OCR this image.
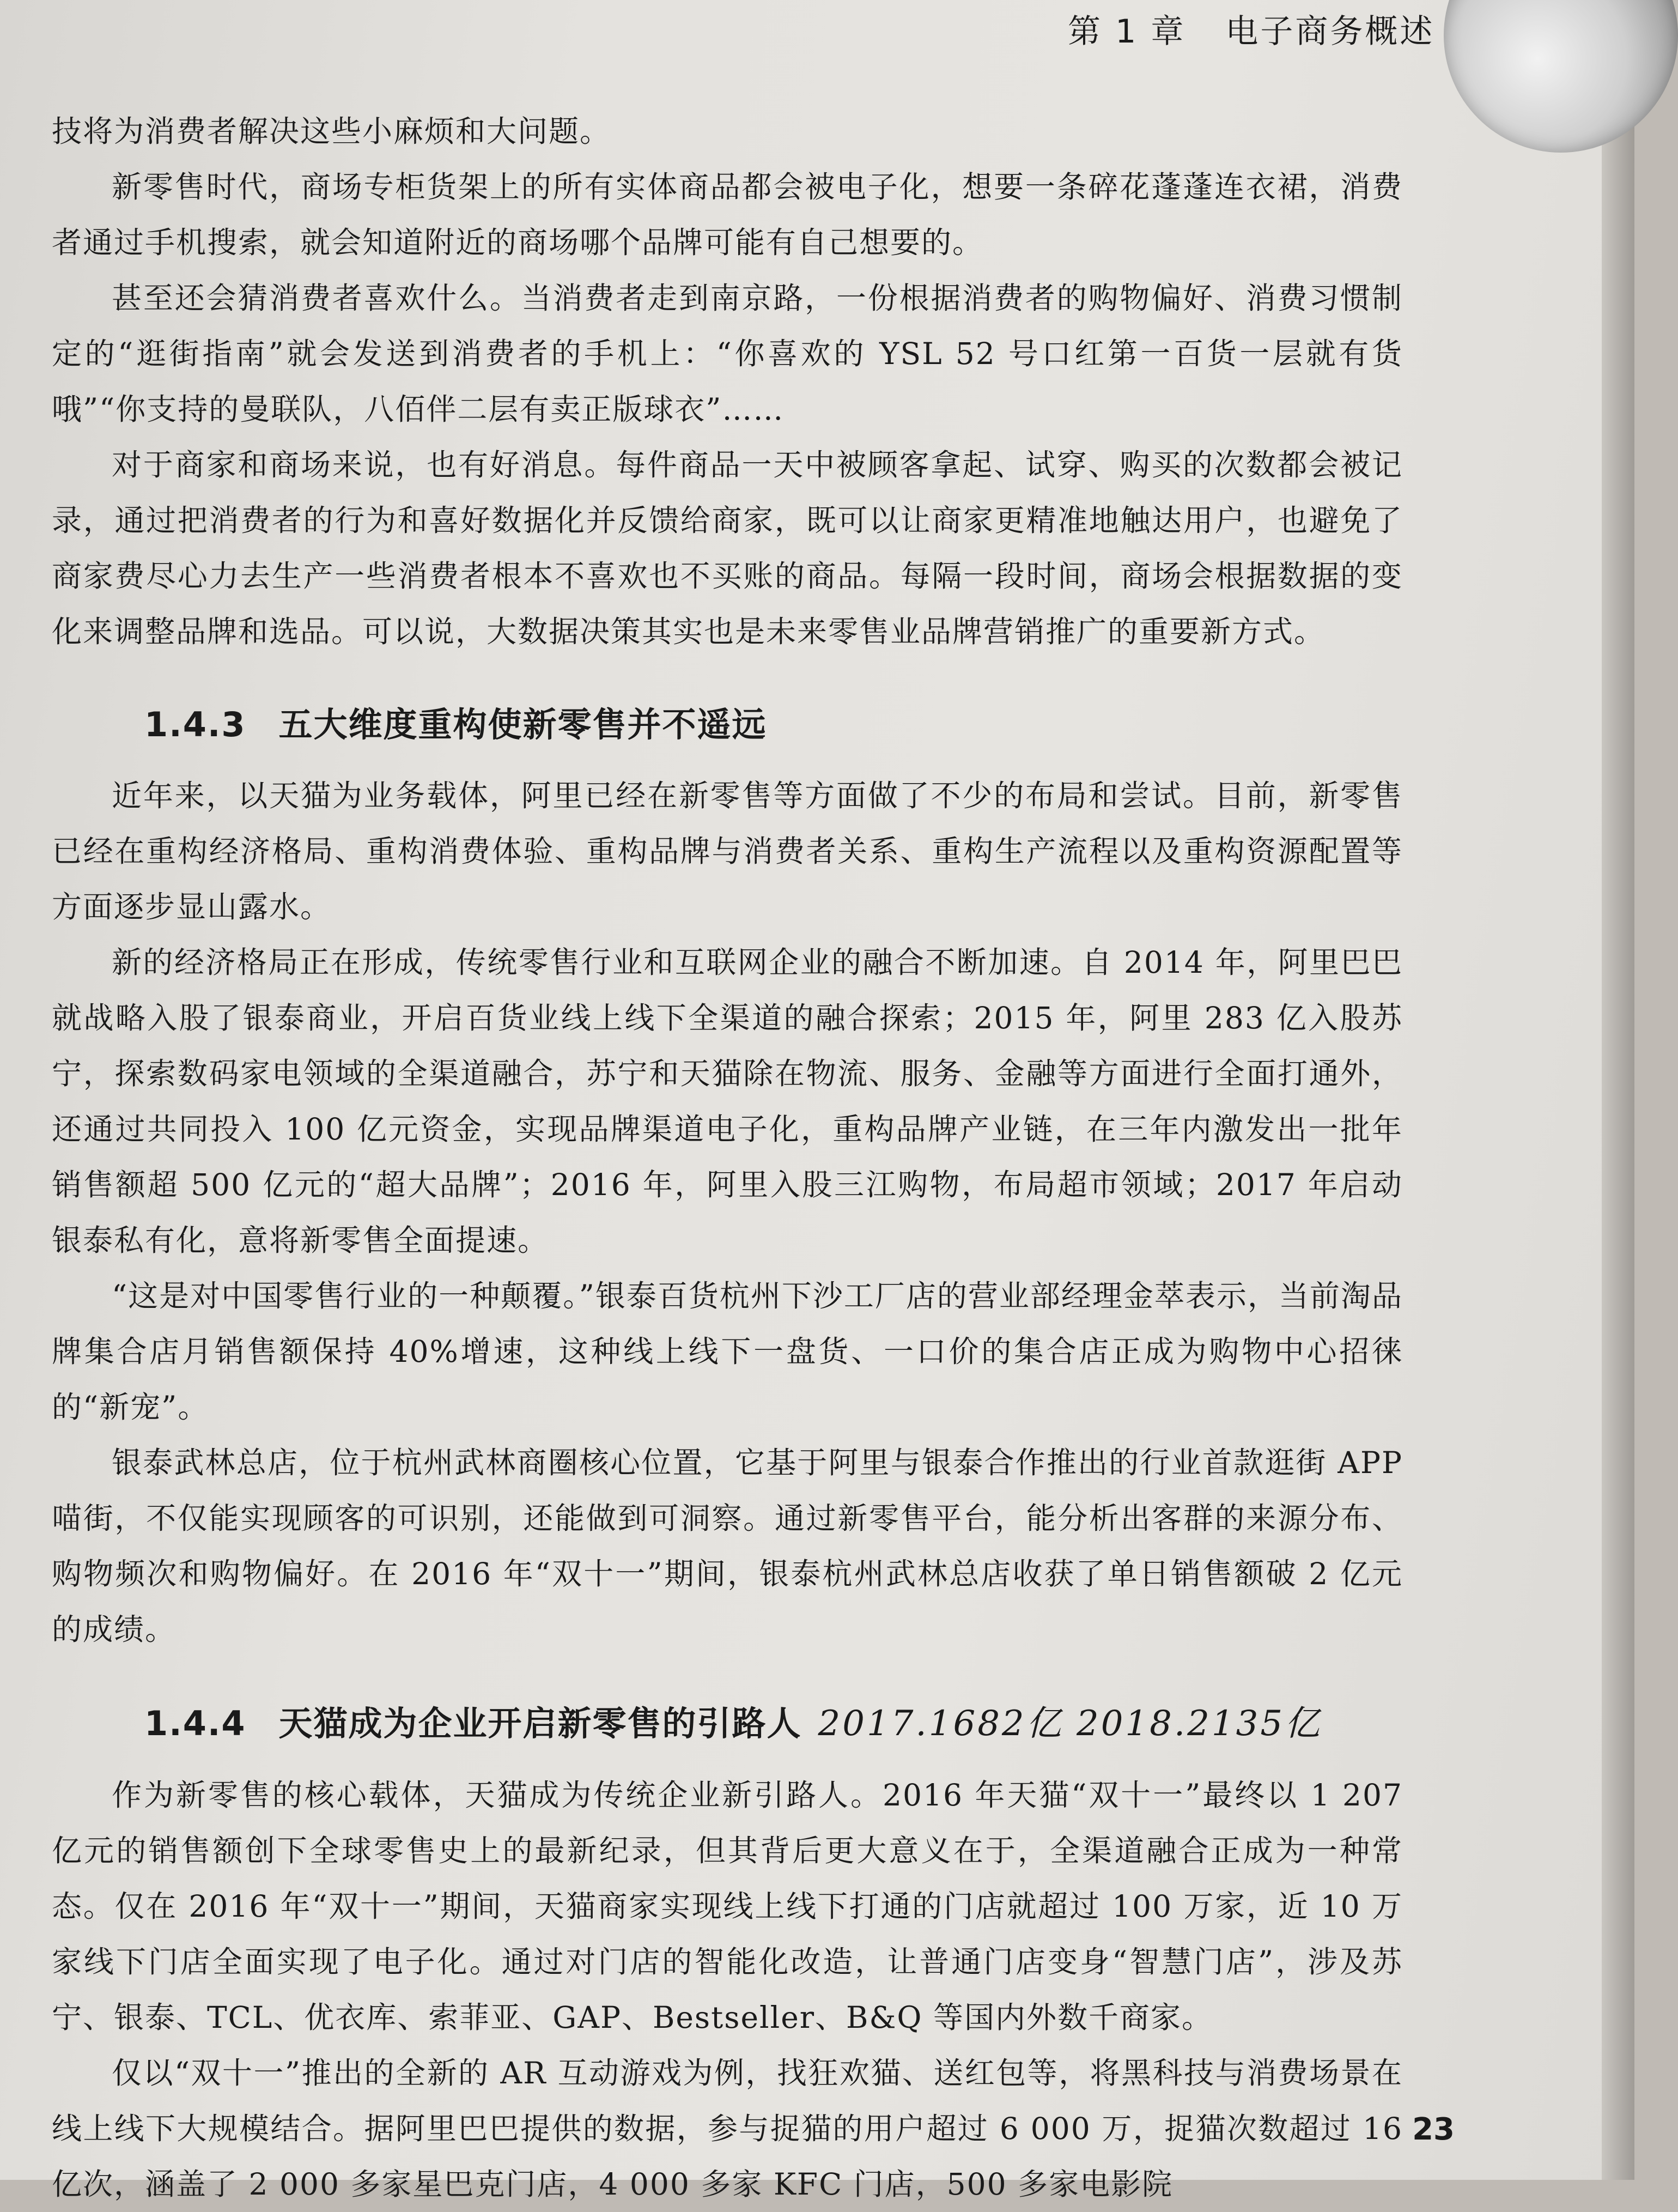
第 1 章 电子商务概述

技将为消费者解决这些小麻烦和大问题。

新零售时代，商场专柜货架上的所有实体商品都会被电子化，想要一条碎花蓬蓬连衣裙，消费者通过手机搜索，就会知道附近的商场哪个品牌可能有自己想要的。

甚至还会猜消费者喜欢什么。当消费者走到南京路，一份根据消费者的购物偏好、消费习惯制定的“逛街指南”就会发送到消费者的手机上：“你喜欢的 YSL 52 号口红第一百货一层就有货哦”“你支持的曼联队，八佰伴二层有卖正版球衣”……

对于商家和商场来说，也有好消息。每件商品一天中被顾客拿起、试穿、购买的次数都会被记录，通过把消费者的行为和喜好数据化并反馈给商家，既可以让商家更精准地触达用户，也避免了商家费尽心力去生产一些消费者根本不喜欢也不买账的商品。每隔一段时间，商场会根据数据的变化来调整品牌和选品。可以说，大数据决策其实也是未来零售业品牌营销推广的重要新方式。

1.4.3 五大维度重构使新零售并不遥远

近年来，以天猫为业务载体，阿里已经在新零售等方面做了不少的布局和尝试。目前，新零售已经在重构经济格局、重构消费体验、重构品牌与消费者关系、重构生产流程以及重构资源配置等方面逐步显山露水。

新的经济格局正在形成，传统零售行业和互联网企业的融合不断加速。自 2014 年，阿里巴巴就战略入股了银泰商业，开启百货业线上线下全渠道的融合探索；2015 年，阿里 283 亿入股苏宁，探索数码家电领域的全渠道融合，苏宁和天猫除在物流、服务、金融等方面进行全面打通外，还通过共同投入 100 亿元资金，实现品牌渠道电子化，重构品牌产业链，在三年内激发出一批年销售额超 500 亿元的“超大品牌”；2016 年，阿里入股三江购物，布局超市领域；2017 年启动银泰私有化，意将新零售全面提速。

“这是对中国零售行业的一种颠覆。”银泰百货杭州下沙工厂店的营业部经理金萃表示，当前淘品牌集合店月销售额保持 40%增速，这种线上线下一盘货、一口价的集合店正成为购物中心招徕的“新宠”。

银泰武林总店，位于杭州武林商圈核心位置，它基于阿里与银泰合作推出的行业首款逛街 APP 喵街，不仅能实现顾客的可识别，还能做到可洞察。通过新零售平台，能分析出客群的来源分布、购物频次和购物偏好。在 2016 年“双十一”期间，银泰杭州武林总店收获了单日销售额破 2 亿元的成绩。

1.4.4 天猫成为企业开启新零售的引路人 2017.1682亿 2018.2135亿

作为新零售的核心载体，天猫成为传统企业新引路人。2016 年天猫“双十一”最终以 1 207 亿元的销售额创下全球零售史上的最新纪录，但其背后更大意义在于，全渠道融合正成为一种常态。仅在 2016 年“双十一”期间，天猫商家实现线上线下打通的门店就超过 100 万家，近 10 万家线下门店全面实现了电子化。通过对门店的智能化改造，让普通门店变身“智慧门店”，涉及苏宁、银泰、TCL、优衣库、索菲亚、GAP、Bestseller、B&Q 等国内外数千商家。

仅以“双十一”推出的全新的 AR 互动游戏为例，找狂欢猫、送红包等，将黑科技与消费场景在线上线下大规模结合。据阿里巴巴提供的数据，参与捉猫的用户超过 6 000 万，捉猫次数超过 16 亿次，涵盖了 2 000 多家星巴克门店，4 000 多家 KFC 门店，500 多家电影院

23
